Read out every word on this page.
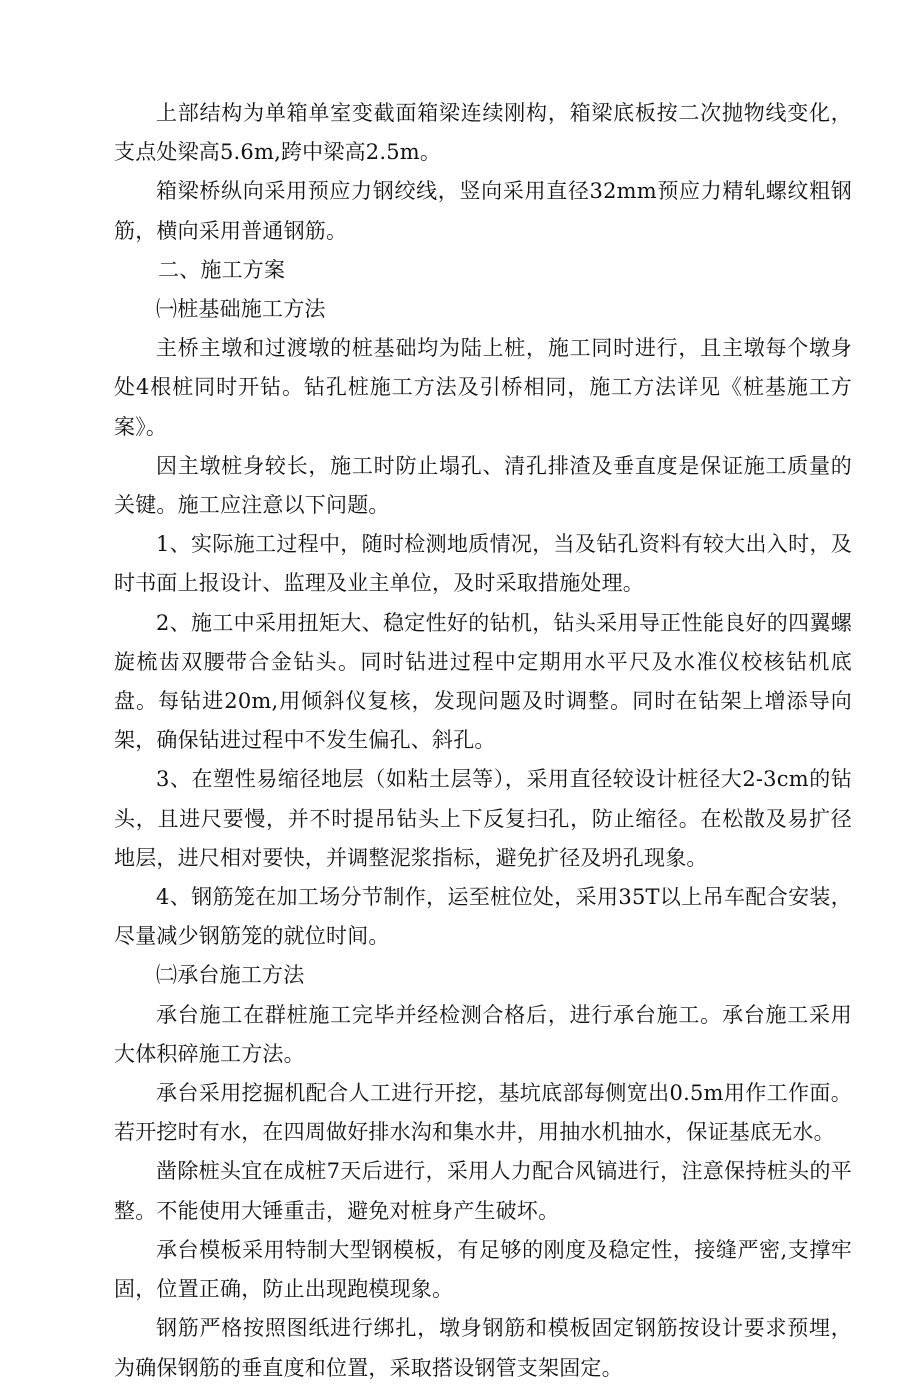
上部结构为单箱单室变截面箱梁连续刚构，箱梁底板按二次抛物线变化，支点处梁高5.6m,跨中梁高2.5m。

箱梁桥纵向采用预应力钢绞线，竖向采用直径32mm预应力精轧螺纹粗钢筋，横向采用普通钢筋。

二、施工方案

㈠桩基础施工方法

主桥主墩和过渡墩的桩基础均为陆上桩，施工同时进行，且主墩每个墩身处4根桩同时开钻。钻孔桩施工方法及引桥相同，施工方法详见《桩基施工方案》。

因主墩桩身较长，施工时防止塌孔、清孔排渣及垂直度是保证施工质量的关键。施工应注意以下问题。

1、实际施工过程中，随时检测地质情况，当及钻孔资料有较大出入时，及时书面上报设计、监理及业主单位，及时采取措施处理。

2、施工中采用扭矩大、稳定性好的钻机，钻头采用导正性能良好的四翼螺旋梳齿双腰带合金钻头。同时钻进过程中定期用水平尺及水准仪校核钻机底盘。每钻进20m,用倾斜仪复核，发现问题及时调整。同时在钻架上增添导向架，确保钻进过程中不发生偏孔、斜孔。

3、在塑性易缩径地层（如粘土层等），采用直径较设计桩径大2-3cm的钻头，且进尺要慢，并不时提吊钻头上下反复扫孔，防止缩径。在松散及易扩径地层，进尺相对要快，并调整泥浆指标，避免扩径及坍孔现象。

4、钢筋笼在加工场分节制作，运至桩位处，采用35T以上吊车配合安装，尽量减少钢筋笼的就位时间。

㈡承台施工方法

承台施工在群桩施工完毕并经检测合格后，进行承台施工。承台施工采用大体积碎施工方法。

承台采用挖掘机配合人工进行开挖，基坑底部每侧宽出0.5m用作工作面。若开挖时有水，在四周做好排水沟和集水井，用抽水机抽水，保证基底无水。

凿除桩头宜在成桩7天后进行，采用人力配合风镐进行，注意保持桩头的平整。不能使用大锤重击，避免对桩身产生破坏。

承台模板采用特制大型钢模板，有足够的刚度及稳定性，接缝严密,支撑牢固，位置正确，防止出现跑模现象。

钢筋严格按照图纸进行绑扎，墩身钢筋和模板固定钢筋按设计要求预埋，为确保钢筋的垂直度和位置，采取搭设钢管支架固定。
